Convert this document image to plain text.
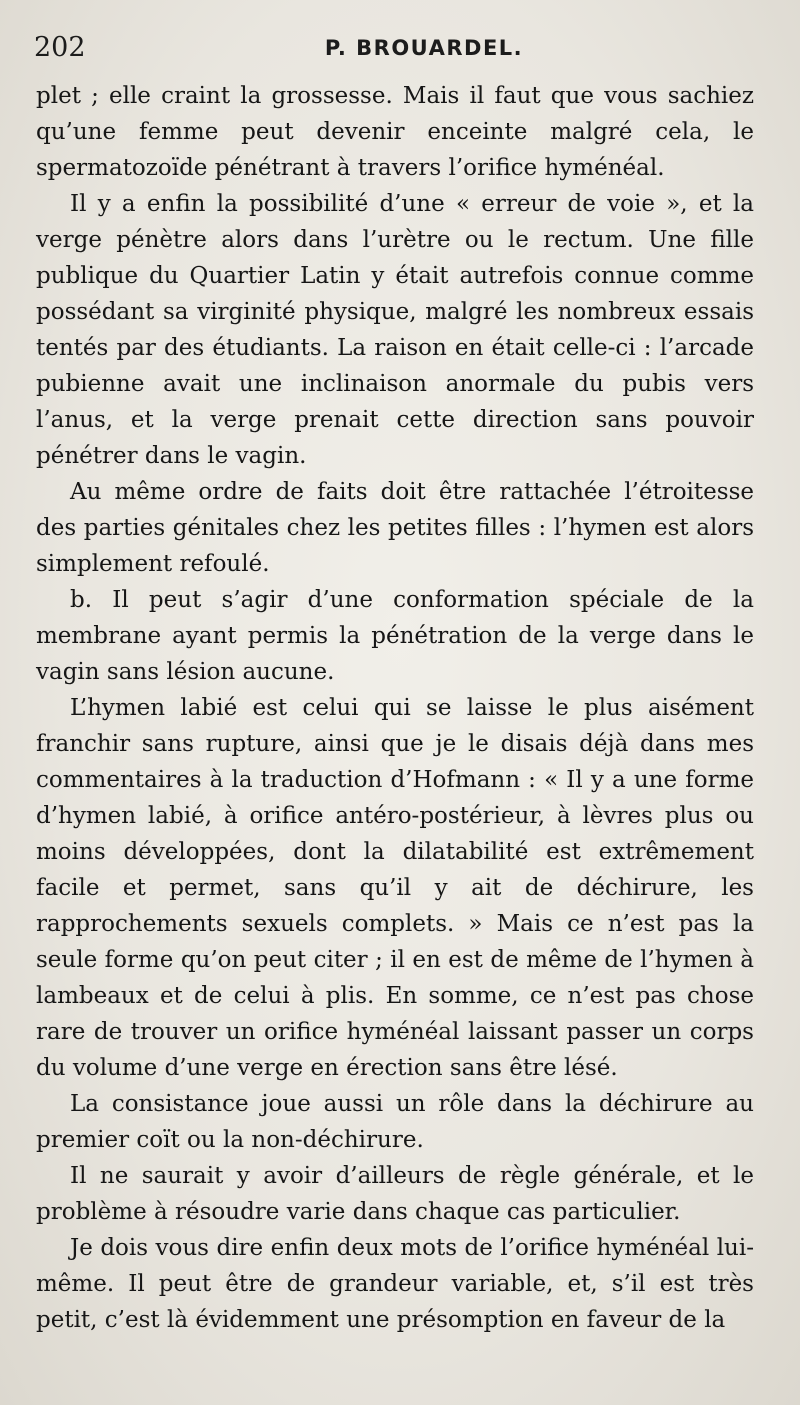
202	P. BROUARDEL.

plet ; elle craint la grossesse. Mais il faut que vous sachiez qu’une femme peut devenir enceinte malgré cela, le spermatozoïde pénétrant à travers l’orifice hyménéal.

Il y a enfin la possibilité d’une « erreur de voie », et la verge pénètre alors dans l’urètre ou le rectum. Une fille publique du Quartier Latin y était autrefois connue comme possédant sa virginité physique, malgré les nombreux essais tentés par des étudiants. La raison en était celle-ci : l’arcade pubienne avait une inclinaison anormale du pubis vers l’anus, et la verge prenait cette direction sans pouvoir pénétrer dans le vagin.

Au même ordre de faits doit être rattachée l’étroitesse des parties génitales chez les petites filles : l’hymen est alors simplement refoulé.

b. Il peut s’agir d’une conformation spéciale de la membrane ayant permis la pénétration de la verge dans le vagin sans lésion aucune.

L’hymen labié est celui qui se laisse le plus aisément franchir sans rupture, ainsi que je le disais déjà dans mes commentaires à la traduction d’Hofmann : « Il y a une forme d’hymen labié, à orifice antéro-postérieur, à lèvres plus ou moins développées, dont la dilatabilité est extrêmement facile et permet, sans qu’il y ait de déchirure, les rapprochements sexuels complets. » Mais ce n’est pas la seule forme qu’on peut citer ; il en est de même de l’hymen à lambeaux et de celui à plis. En somme, ce n’est pas chose rare de trouver un orifice hyménéal laissant passer un corps du volume d’une verge en érection sans être lésé.

La consistance joue aussi un rôle dans la déchirure au premier coït ou la non-déchirure.

Il ne saurait y avoir d’ailleurs de règle générale, et le problème à résoudre varie dans chaque cas particulier.

Je dois vous dire enfin deux mots de l’orifice hyménéal lui-même. Il peut être de grandeur variable, et, s’il est très petit, c’est là évidemment une présomption en faveur de la
